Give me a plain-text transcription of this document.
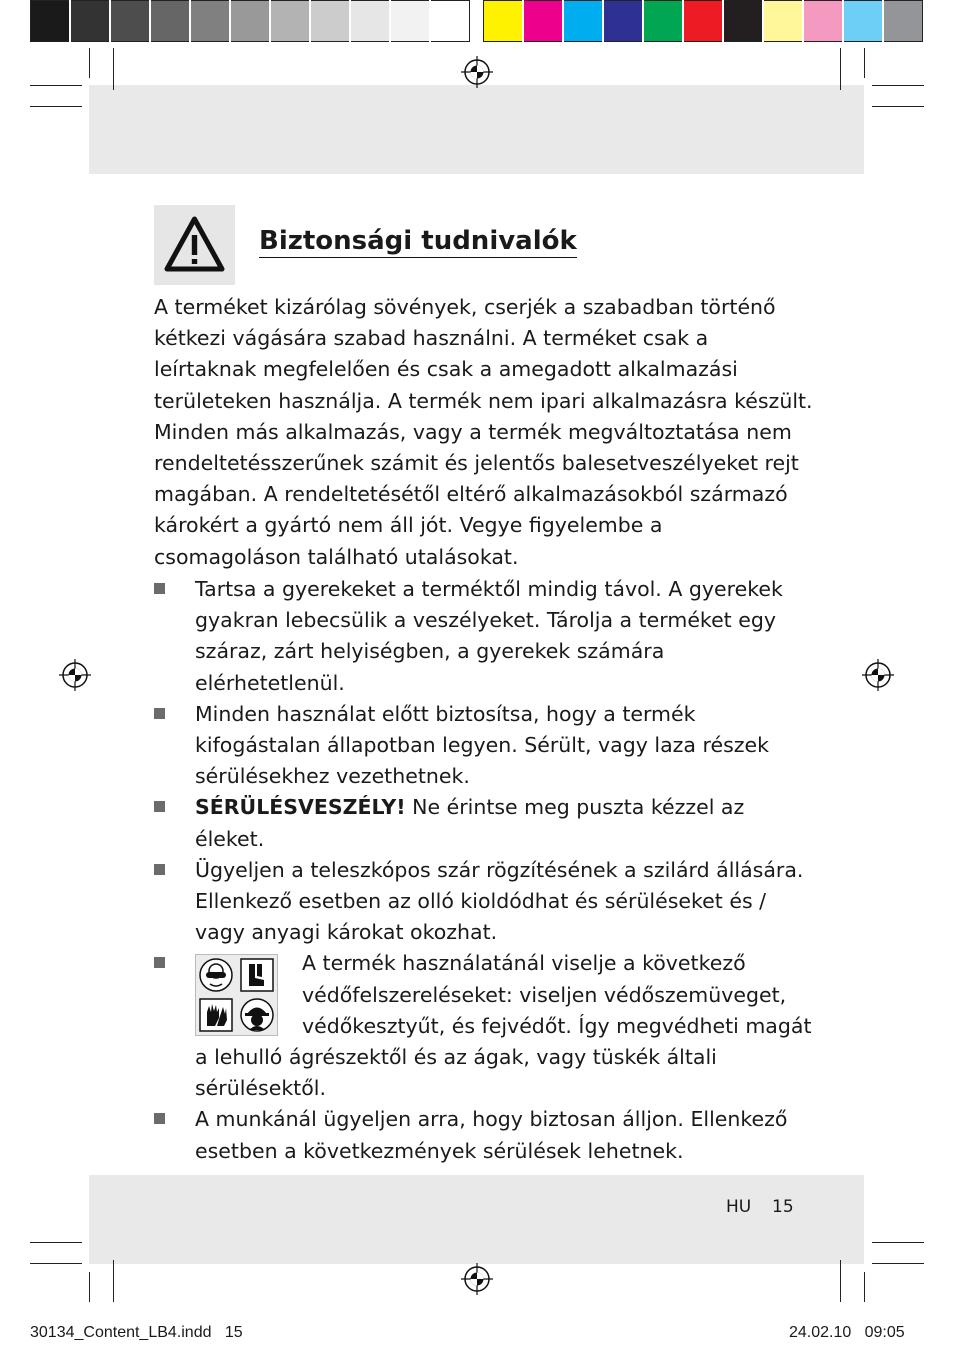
Biztonsági tudnivalók

A terméket kizárólag sövények, cserjék a szabadban történő kétkezi vágására szabad használni. A terméket csak a leírtaknak megfelelően és csak a amegadott alkalmazási területeken használja. A termék nem ipari alkalmazásra készült. Minden más alkalmazás, vagy a termék megváltoztatása nem rendeltetésszerűnek számit és jelentős balesetveszélyeket rejt magában. A rendeltetésétől eltérő alkalmazásokból származó károkért a gyártó nem áll jót. Vegye figyelembe a csomagoláson található utalásokat.

Tartsa a gyerekeket a terméktől mindig távol. A gyerekek gyakran lebecsülik a veszélyeket. Tárolja a terméket egy száraz, zárt helyiségben, a gyerekek számára elérhetetlenül.
Minden használat előtt biztosítsa, hogy a termék kifogástalan állapotban legyen. Sérült, vagy laza részek sérülésekhez vezethetnek.
SÉRÜLÉSVESZÉLY! Ne érintse meg puszta kézzel az éleket.
Ügyeljen a teleszkópos szár rögzítésének a szilárd állására. Ellenkező esetben az olló kioldódhat és sérüléseket és / vagy anyagi károkat okozhat.
A termék használatánál viselje a következő védőfelszereléseket: viseljen védőszemüveget, védőkesztyűt, és fejvédőt. Így megvédheti magát
a lehulló ágrészektől és az ágak, vagy tüskék általi sérülésektől.
A munkánál ügyeljen arra, hogy biztosan álljon. Ellenkező esetben a következmények sérülések lehetnek.
HU 15
30134_Content_LB4.indd   15	24.02.10   09:05
